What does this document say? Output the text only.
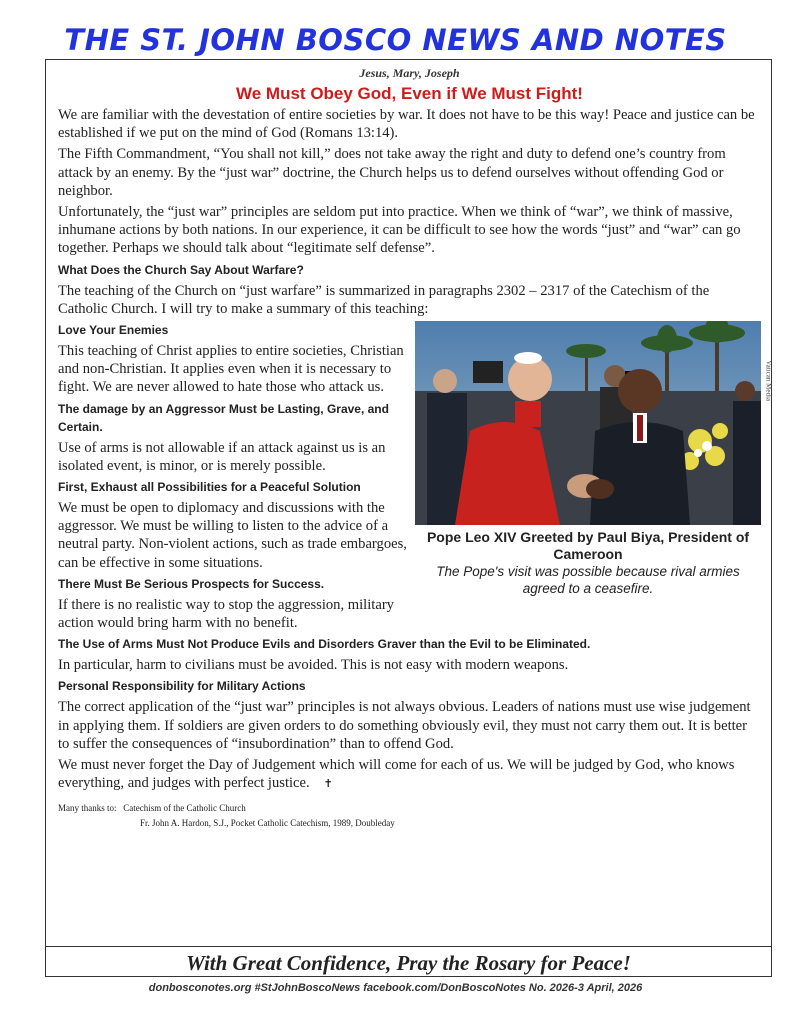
THE ST. JOHN BOSCO NEWS AND NOTES
Jesus, Mary, Joseph
We Must Obey God, Even if We Must Fight!

We are familiar with the devestation of entire societies by war. It does not have to be this way! Peace and justice can be established if we put on the mind of God (Romans 13:14).

The Fifth Commandment, “You shall not kill,” does not take away the right and duty to defend one’s country from attack by an enemy. By the “just war” doctrine, the Church helps us to defend ourselves without offending God or neighbor.

Unfortunately, the “just war” principles are seldom put into practice. When we think of “war”, we think of massive, inhumane actions by both nations. In our experience, it can be difficult to see how the words “just” and “war” can go together. Perhaps we should talk about “legitimate self defense”.

What Does the Church Say About Warfare?

The teaching of the Church on “just warfare” is summarized in paragraphs 2302 – 2317 of the Catechism of the Catholic Church. I will try to make a summary of this teaching:

Vatican Media
Pope Leo XIV Greeted by Paul Biya, President of Cameroon
The Pope's visit was possible because rival armies agreed to a ceasefire.
Love Your Enemies

This teaching of Christ applies to entire societies, Christian and non-Christian. It applies even when it is necessary to fight. We are never allowed to hate those who attack us.

The damage by an Aggressor Must be Lasting, Grave, and Certain.

Use of arms is not allowable if an attack against us is an isolated event, is minor, or is merely possible.

First, Exhaust all Possibilities for a Peaceful Solution

We must be open to diplomacy and discussions with the aggressor. We must be willing to listen to the advice of a neutral party. Non-violent actions, such as trade embargoes, can be effective in some situations.

There Must Be Serious Prospects for Success.

If there is no realistic way to stop the aggression, military action would bring harm with no benefit.

The Use of Arms Must Not Produce Evils and Disorders Graver than the Evil to be Eliminated.

In particular, harm to civilians must be avoided. This is not easy with modern weapons.

Personal Responsibility for Military Actions

The correct application of the “just war” principles is not always obvious. Leaders of nations must use wise judgement in applying them. If soldiers are given orders to do something obviously evil, they must not carry them out. It is better to suffer the consequences of “insubordination” than to offend God.

We must never forget the Day of Judgement which will come for each of us. We will be judged by God, who knows everything, and judges with perfect justice. ✝

Many thanks to: Catechism of the Catholic Church
Fr. John A. Hardon, S.J., Pocket Catholic Catechism, 1989, Doubleday
With Great Confidence, Pray the Rosary for Peace!
donbosconotes.org #StJohnBoscoNews facebook.com/DonBoscoNotes No. 2026-3 April, 2026
